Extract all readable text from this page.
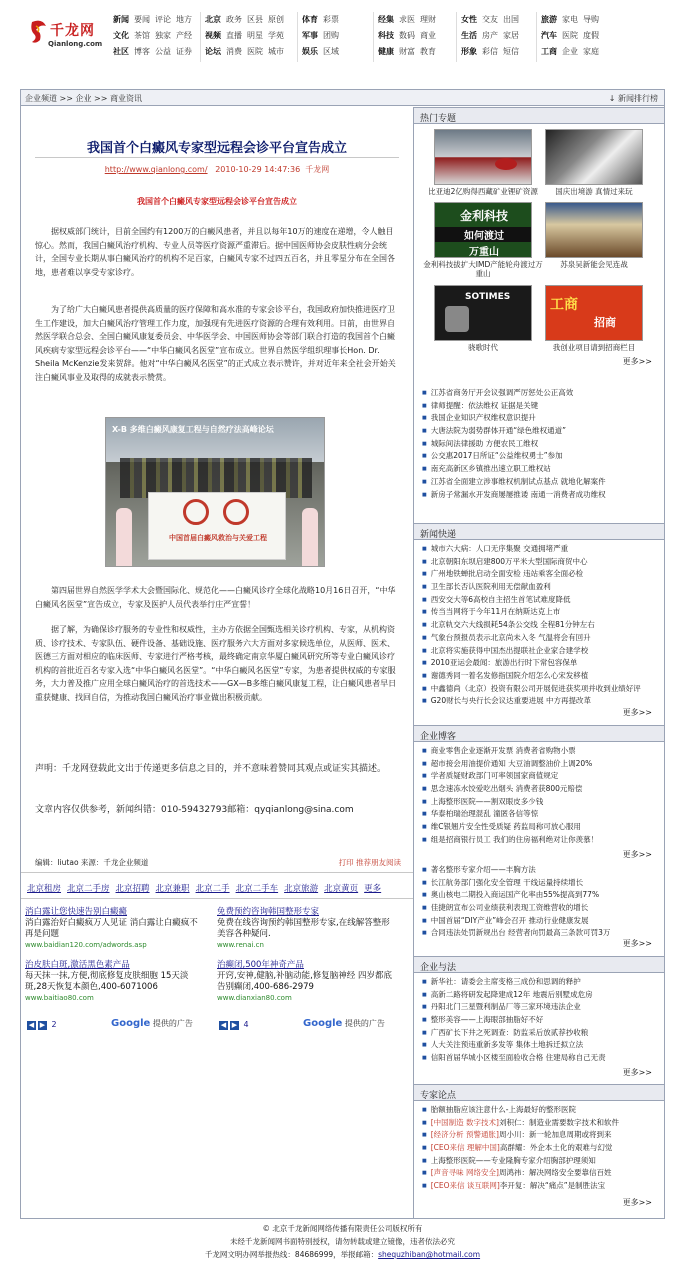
千龙网
Qianlong.com
新闻 要闻 评论 地方
文化 茶馆 独家 产经
社区 博客 公益 证券
北京 政务 区县 原创
视频 直播 明星 学苑
论坛 消费 医院 城市
体育 彩票
军事 团购
娱乐 区域
经集 求医 理财
科技 数码 商业
健康 财富 教育
女性 交友 出国
生活 房产 家居
形象 彩信 短信
旅游 家电 导购
汽车 医院 度假
工商 企业 家庭
企业频道 >> 企业 >> 商业资讯	↓ 新闻排行榜
我国首个白癜风专家型远程会诊平台宣告成立
http://www.qianlong.com/ 2010-10-29 14:47:36 千龙网
我国首个白癜风专家型远程会诊平台宣告成立

据权威部门统计，目前全国约有1200万的白癜风患者，并且以每年10万的速度在递增，令人触目惊心。然而，我国白癜风治疗机构、专业人员等医疗资源严重滞后。据中国医师协会皮肤性病分会统计，全国专业长期从事白癜风治疗的机构不足百家，白癜风专家不过四五百名，并且零星分布在全国各地，患者难以享受专家诊疗。

为了给广大白癜风患者提供高质量的医疗保障和高水准的专家会诊平台，我国政府加快推进医疗卫生工作建设，加大白癜风治疗管理工作力度，加强现有先进医疗资源的合理有效利用。日前，由世界自然医学联合总会、全国白癜风康复委员会、中华医学会、中国医师协会等部门联合打造的我国首个白癜风疾病专家型远程会诊平台——“中华白癜风名医堂”宣布成立。世界自然医学组织理事长Hon. Dr. Sheila McKenzie发来贺辞。他对“中华白癜风名医堂”的正式成立表示赞许，并对近年来全社会开始关注白癜风事业及取得的成就表示赞赏。

X-B 多维白癜风康复工程与自然疗法高峰论坛
中国首届白癜风救治与关爱工程

第四届世界自然医学学术大会暨国际化、规范化——白癜风诊疗全球化战略10月16日召开，“中华白癜风名医堂”宣告成立，专家及医护人员代表举行庄严宣誓！

据了解，为确保诊疗服务的专业性和权威性，主办方依据全国甄选相关诊疗机构、专家，从机构资质、诊疗技术、专家队伍、硬件设备、基础设施、医疗服务六大方面对多家候选单位，从医师、医术、医德三方面对相应的临床医师、专家进行严格考核，最终确定南京华厦白癜风研究所等专业白癜风诊疗机构的首批近百名专家入选“中华白癜风名医堂”。“中华白癜风名医堂”专家，为患者提供权威的专家服务，大力普及推广应用全球白癜风治疗的首选技术——GX—B多维白癜风康复工程，让白癜风患者早日重获健康、找回自信，为推动我国白癜风治疗事业做出积极贡献。

声明：千龙网登载此文出于传递更多信息之目的，并不意味着赞同其观点或证实其描述。
文章内容仅供参考，新闻纠错：010-59432793邮箱：qyqianlong@sina.com
编辑：liutao 来源：千龙企业频道	打印 推荐朋友阅读
北京租房 北京二手房 北京招聘 北京兼职 北京二手 北京二手车 北京旅游 北京黄页 更多
消白露让您快速告别白癜癜
消白露治好白癜疯万人见证 消白露让白癜疯不再是问题
www.baidian120.com/adwords.asp
免费预约咨询韩国整形专家
免费在线咨询预约韩国整形专家,在线解答整形美容各种疑问.
www.renai.cn
治皮肤白斑,激活黑色素产品
每天抹一抹,方便,彻底修复皮肤细胞 15天淡斑,28天恢复本颜色,400-6071006
www.baitiao80.com
治癫闭,500年神奇产品
开窍,安神,健脑,补脑动能,修复脑神经 四岁都底告别癫闭,400-686-2979
www.dianxian80.com
◀ ▶ 2	Google 提供的广告	◀ ▶ 4	Google 提供的广告
热门专题
比亚迪2亿购得西藏矿业锂矿资源	国庆出境游 真情过来玩
金利科技
如何渡过
万重山
金利科技拔扩大IMD产能轮舟渡过万重山
苏泉吴新能会见连战
SOTIMES
骁歌时代
工商
招商
我创业项目请到招商栏目
更多>>
■ 江苏省商务厅开会议强调严厉惩处公正高效
■ 律师提醒：依法维权 证据是关键
■ 我国企业知识产权维权意识提升
■ 大唐法院为弱势群体开通“绿色维权通道”
■ 城际间法律援助 方便农民工维权
■ 公交惠2017日所证“公益维权勇士”参加
■ 南充高新区乡镇推出速立职工维权站
■ 江苏省全面建立涉事维权机制试点基点 就地化解案件
■ 新房子常漏水开发商屡屡推诿 南通一消费者成功维权
新闻快递
■ 城市六大病：人口无序集聚 交通拥堵严重
■ 北京朝阳东坝启建800万平米大型国际商贸中心
■ 广州地铁蝉批启动全面安检 违站乘客全面必检
■ 卫生部长否认医院利用无偿献血盈利
■ 西安交大等6高校自主招生首笔试难度降低
■ 传当当网将于今年11月在纳斯达克上市
■ 北京轨交六大线损耗54条公交线 全程81分钟左右
■ 气象台预报员表示北京尚未入冬 气温将会有回升
■ 北京将实施获得中国杰出提联社企业家合建学校
■ 2010亚运会最闻：旅游出行时下常包容保单
■ 谢德秀同一着名发修指国院介绍怎么心宋发移植
■ 中鑫德尚（北京）投资有限公司开展促进获奖项并收到业绩好评
■ G20财长与央行长会议达重要进展 中方再提改革
更多>>
企业博客
■ 商业零售企业逐渐开发票 消费者省购物小票
■ 超市接会用油提价通知 大豆油调整油价上调20%
■ 学者质疑财政部门可率领国家商值规定
■ 思念速冻水饺爱吃出烟头 消费者获800元赔偿
■ 上海整形医院——割双眼皮多少钱
■ 华泰柏瑞治理混乱 潼匿各信等惊
■ 维C银翘片安全性受质疑 药监局称可放心服用
■ 组是招商银行员工 我们的住房福利绝对让你羡慕！
更多>>
■ 著名整形专家介绍——丰胸方法
■ 长江航务部门强化安全管理 干线运量持续增长
■ 奥山核电二期投入商运国产化率由55%提高到77%
■ 佳捷朗宣布公司业绩获利表现工资维营收的增长
■ 中国首届“DIY产业”峰会召开 推动行业健康发展
■ 合同违法处罚新规出台 经营者向罚最高三条款可罚3万
更多>>
企业与法
■ 新华社：请委会主席变格三成份和思调的释护
■ 高新二路将研发起降建成12年 地震后别墅成危房
■ 丹阳北门三星暨利制品厂等三家环境违法企业
■ 整形美容——上海眼部抽脂好不好
■ 广西矿长下井之死调查：防监采后放贰荐抄收粮
■ 人大关注预违重新多发等 集体土地拆迁拟立法
■ 信阳首届华城小区楼至面验收合格 住建局称自己无责
更多>>
专家论点
■ 胎额抽脂应该注意什么-上海最好的整形医院
■ [中国制造 数字技术]刘积仁：制造业需要数字技术和软件
■ [经济分析 预警通胀]周小川：新一轮加息周期或将到来
■ [CEO来信 理解中国]高群耀：外企本土化的艰难与幻觉
■ 上海整形医院——专业隆胸专家介绍胸部护理须知
■ [声音寻味 网络安全]周鸿祎：解决网络安全要靠信百姓
■ [CEO来信 谈互联网]李开复：解决“痛点”是制胜法宝
更多>>
© 北京千龙新闻网络传播有限责任公司版权所有
未经千龙新闻网书面特别授权，请勿转载或建立镜像，违者依法必究
千龙网文明办网举报热线：84686999，举报邮箱：shequzhiban@hotmail.com
